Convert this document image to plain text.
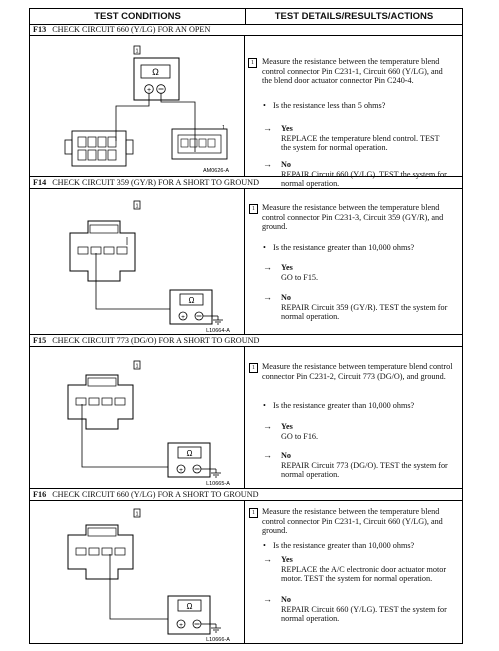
TEST CONDITIONS	TEST DETAILS/RESULTS/ACTIONS
F13 CHECK CIRCUIT 660 (Y/LG) FOR AN OPEN
1
Ω
+
1
AM0626-A
1 Measure the resistance between the temperature blend control connector Pin C231-1, Circuit 660 (Y/LG), and the blend door actuator connector Pin C240-4.
• Is the resistance less than 5 ohms?
→ Yes
REPLACE the temperature blend control. TEST the system for normal operation.
→ No
REPAIR Circuit 660 (Y/LG). TEST the system for normal operation.
F14 CHECK CIRCUIT 359 (GY/R) FOR A SHORT TO GROUND
1
Ω
+
L10664-A
1 Measure the resistance between the temperature blend control connector Pin C231-3, Circuit 359 (GY/R), and ground.
• Is the resistance greater than 10,000 ohms?
→ Yes
GO to F15.
→ No
REPAIR Circuit 359 (GY/R). TEST the system for normal operation.
F15 CHECK CIRCUIT 773 (DG/O) FOR A SHORT TO GROUND
1
Ω
+
L10665-A
1 Measure the resistance between temperature blend control connector Pin C231-2, Circuit 773 (DG/O), and ground.
• Is the resistance greater than 10,000 ohms?
→ Yes
GO to F16.
→ No
REPAIR Circuit 773 (DG/O). TEST the system for normal operation.
F16 CHECK CIRCUIT 660 (Y/LG) FOR A SHORT TO GROUND
1
Ω
+
L10666-A
1 Measure the resistance between the temperature blend control connector Pin C231-1, Circuit 660 (Y/LG), and ground.
• Is the resistance greater than 10,000 ohms?
→ Yes
REPLACE the A/C electronic door actuator motor motor. TEST the system for normal operation.
→ No
REPAIR Circuit 660 (Y/LG). TEST the system for normal operation.
